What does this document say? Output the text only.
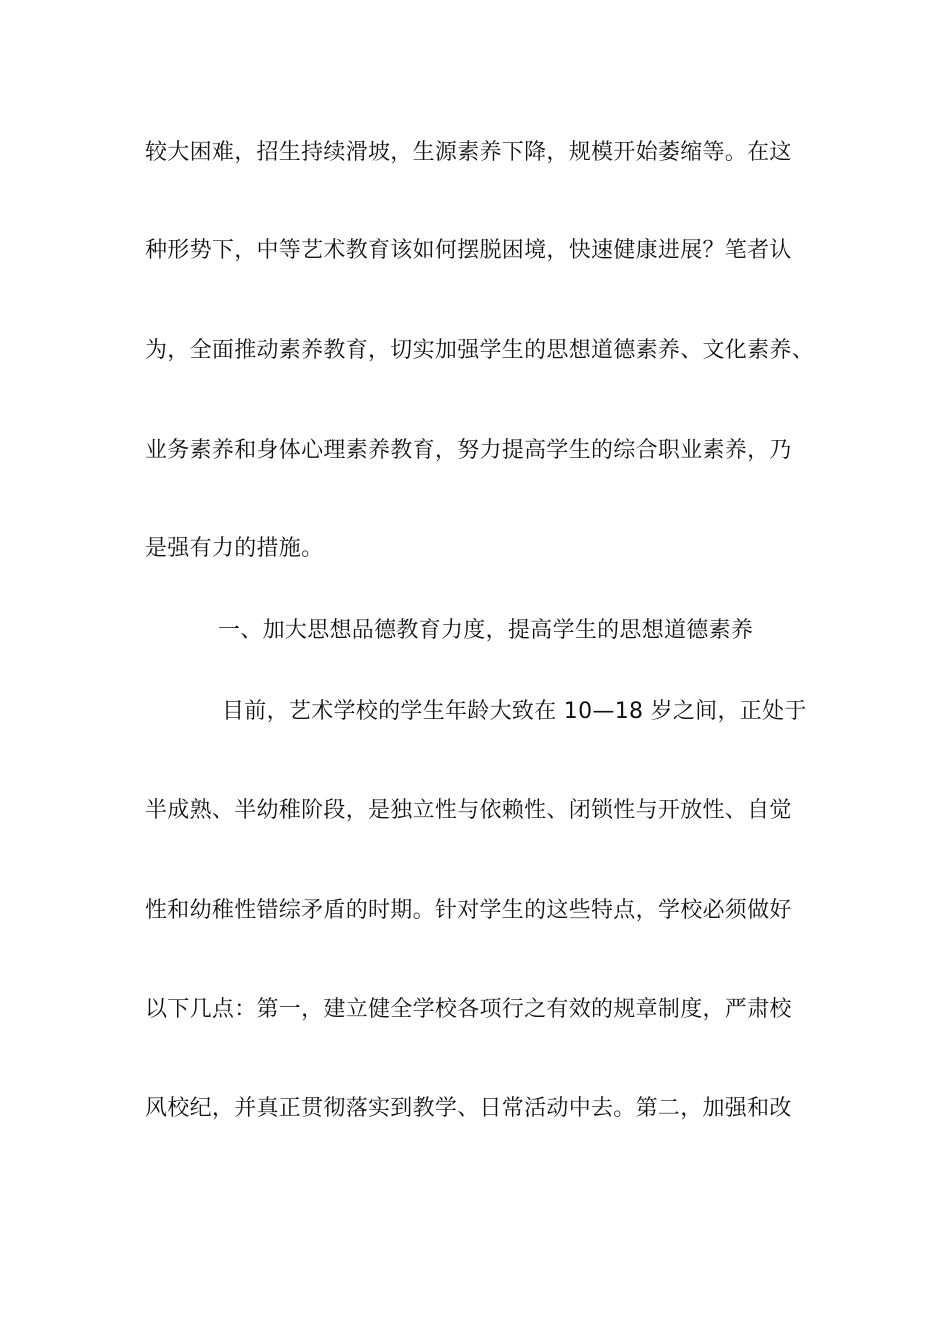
较大困难，招生持续滑坡，生源素养下降，规模开始萎缩等。在这
种形势下，中等艺术教育该如何摆脱困境，快速健康进展？笔者认
为，全面推动素养教育，切实加强学生的思想道德素养、文化素养、
业务素养和身体心理素养教育，努力提高学生的综合职业素养，乃
是强有力的措施。
一、加大思想品德教育力度，提高学生的思想道德素养
目前，艺术学校的学生年龄大致在 10—18 岁之间，正处于
半成熟、半幼稚阶段，是独立性与依赖性、闭锁性与开放性、自觉
性和幼稚性错综矛盾的时期。针对学生的这些特点，学校必须做好
以下几点：第一，建立健全学校各项行之有效的规章制度，严肃校
风校纪，并真正贯彻落实到教学、日常活动中去。第二，加强和改
